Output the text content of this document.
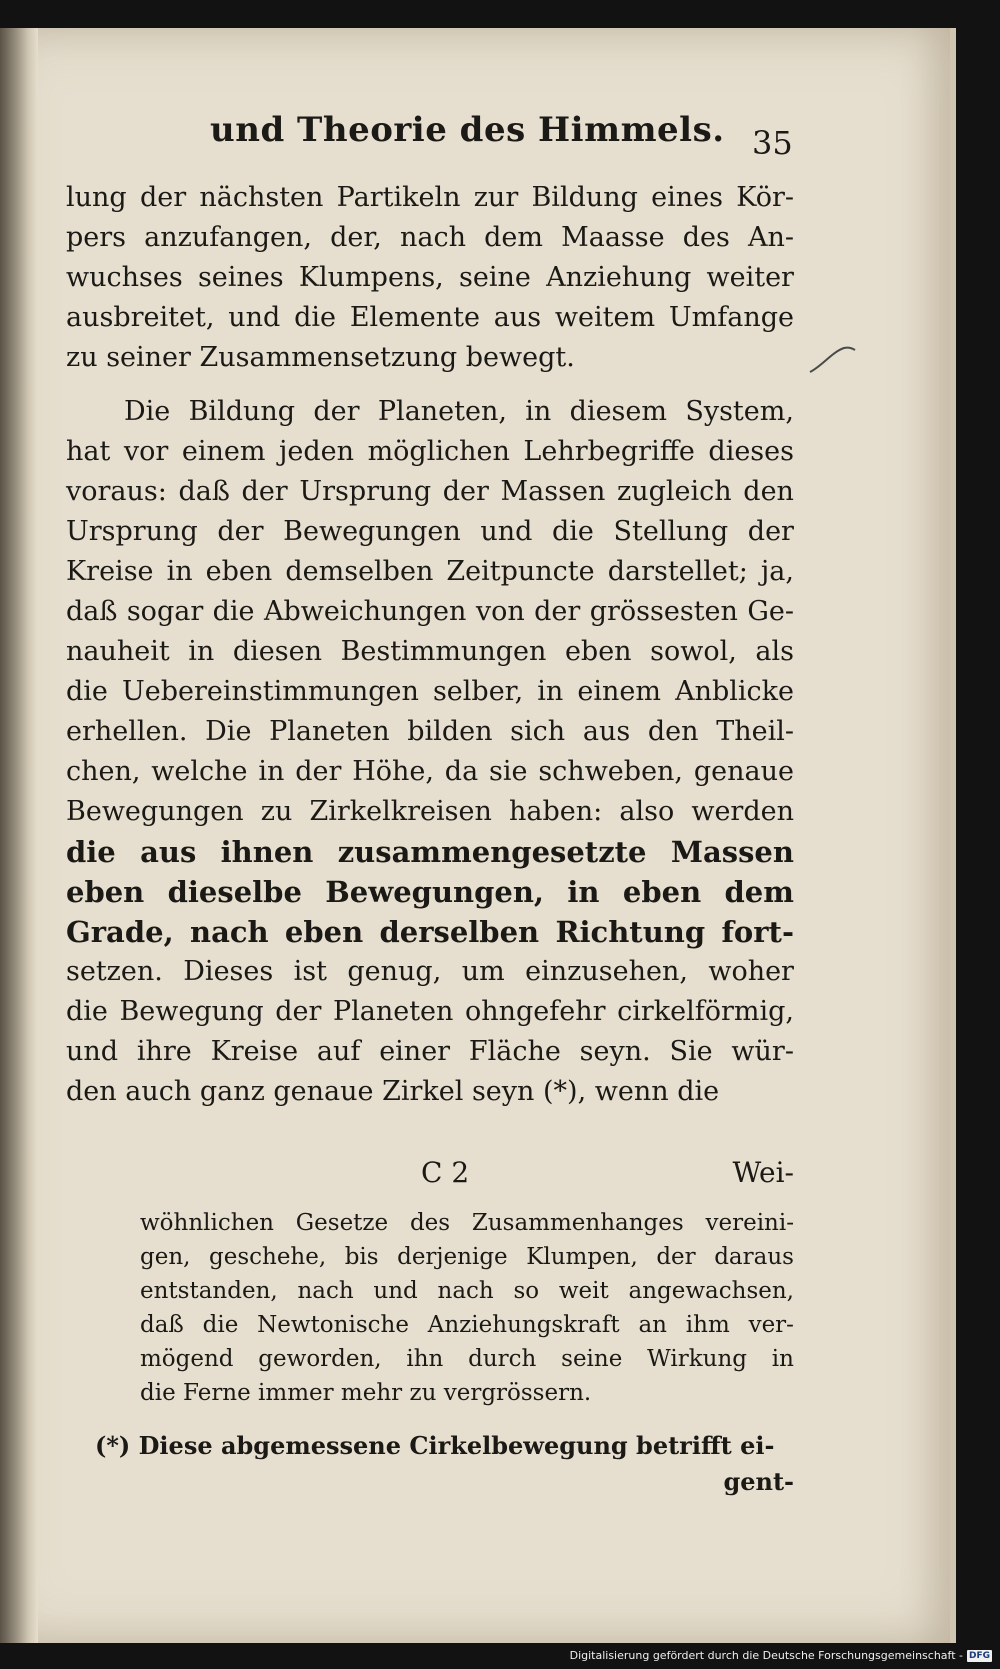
und Theorie des Himmels. 35
lung der nächsten Partikeln zur Bildung eines Kör-
pers anzufangen, der, nach dem Maasse des An-
wuchses seines Klumpens, seine Anziehung weiter
ausbreitet, und die Elemente aus weitem Umfange
zu seiner Zusammensetzung bewegt.
Die Bildung der Planeten, in diesem System,
hat vor einem jeden möglichen Lehrbegriffe dieses
voraus: daß der Ursprung der Massen zugleich den
Ursprung der Bewegungen und die Stellung der
Kreise in eben demselben Zeitpuncte darstellet; ja,
daß sogar die Abweichungen von der grössesten Ge-
nauheit in diesen Bestimmungen eben sowol, als
die Uebereinstimmungen selber, in einem Anblicke
erhellen. Die Planeten bilden sich aus den Theil-
chen, welche in der Höhe, da sie schweben, genaue
Bewegungen zu Zirkelkreisen haben: also werden
die aus ihnen zusammengesetzte Massen
eben dieselbe Bewegungen, in eben dem
Grade, nach eben derselben Richtung fort-
setzen. Dieses ist genug, um einzusehen, woher
die Bewegung der Planeten ohngefehr cirkelförmig,
und ihre Kreise auf einer Fläche seyn. Sie wür-
den auch ganz genaue Zirkel seyn (*), wenn die
C 2	Wei-
wöhnlichen Gesetze des Zusammenhanges vereini-
gen, geschehe, bis derjenige Klumpen, der daraus
entstanden, nach und nach so weit angewachsen,
daß die Newtonische Anziehungskraft an ihm ver-
mögend geworden, ihn durch seine Wirkung in
die Ferne immer mehr zu vergrössern.
(*) Diese abgemessene Cirkelbewegung betrifft ei-
gent-
Digitalisierung gefördert durch die Deutsche Forschungsgemeinschaft - DFG
